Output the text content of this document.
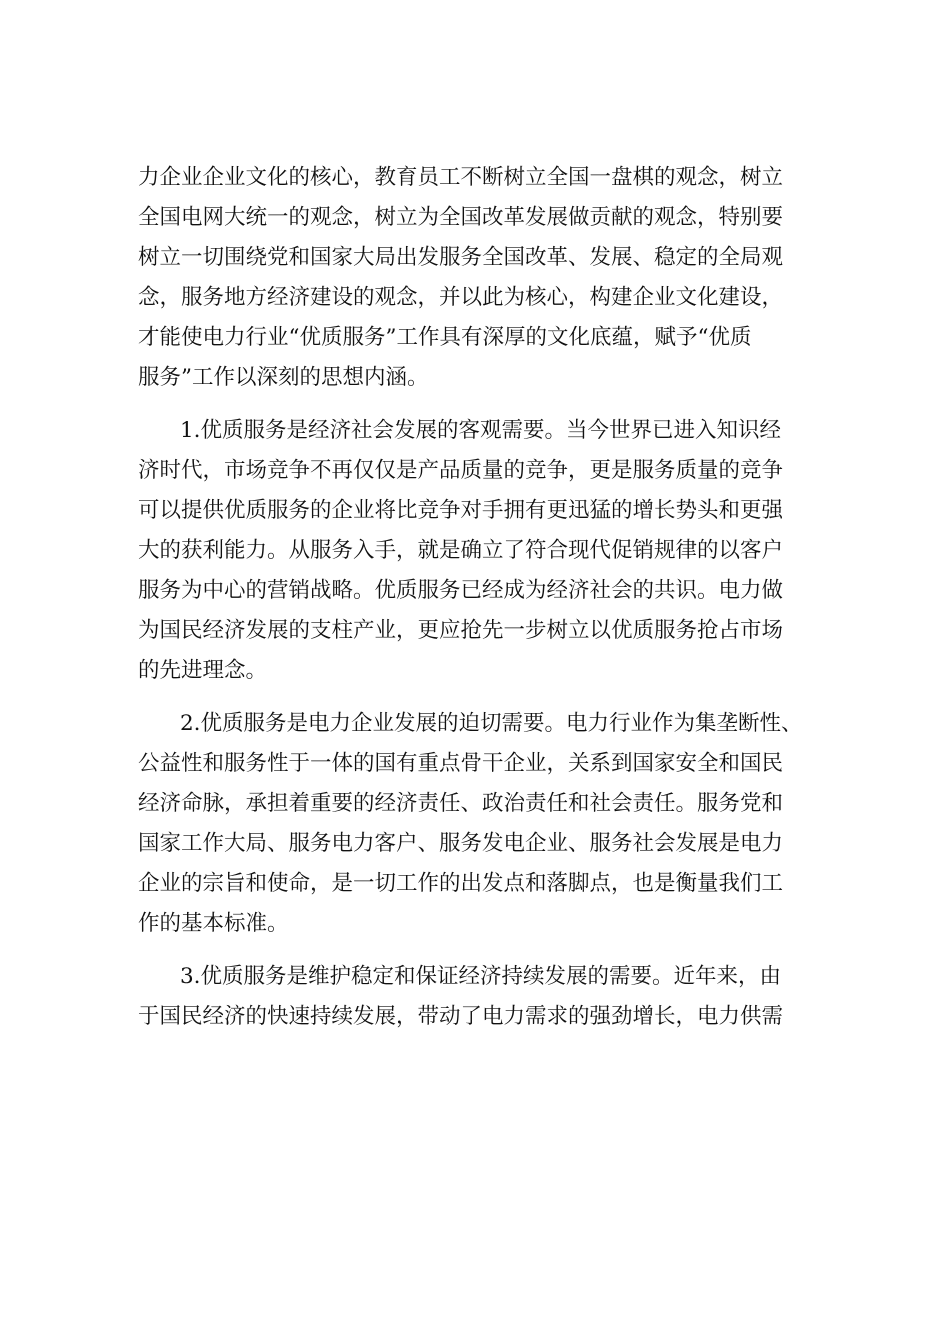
力企业企业文化的核心，教育员工不断树立全国一盘棋的观念，树立
全国电网大统一的观念，树立为全国改革发展做贡献的观念，特别要
树立一切围绕党和国家大局出发服务全国改革、发展、稳定的全局观
念，服务地方经济建设的观念，并以此为核心，构建企业文化建设，
才能使电力行业“优质服务”工作具有深厚的文化底蕴，赋予“优质
服务”工作以深刻的思想内涵。
1.优质服务是经济社会发展的客观需要。当今世界已进入知识经
济时代，市场竞争不再仅仅是产品质量的竞争，更是服务质量的竞争
可以提供优质服务的企业将比竞争对手拥有更迅猛的增长势头和更强
大的获利能力。从服务入手，就是确立了符合现代促销规律的以客户
服务为中心的营销战略。优质服务已经成为经济社会的共识。电力做
为国民经济发展的支柱产业，更应抢先一步树立以优质服务抢占市场
的先进理念。
2.优质服务是电力企业发展的迫切需要。电力行业作为集垄断性、
公益性和服务性于一体的国有重点骨干企业，关系到国家安全和国民
经济命脉，承担着重要的经济责任、政治责任和社会责任。服务党和
国家工作大局、服务电力客户、服务发电企业、服务社会发展是电力
企业的宗旨和使命，是一切工作的出发点和落脚点，也是衡量我们工
作的基本标准。
3.优质服务是维护稳定和保证经济持续发展的需要。近年来，由
于国民经济的快速持续发展，带动了电力需求的强劲增长，电力供需
